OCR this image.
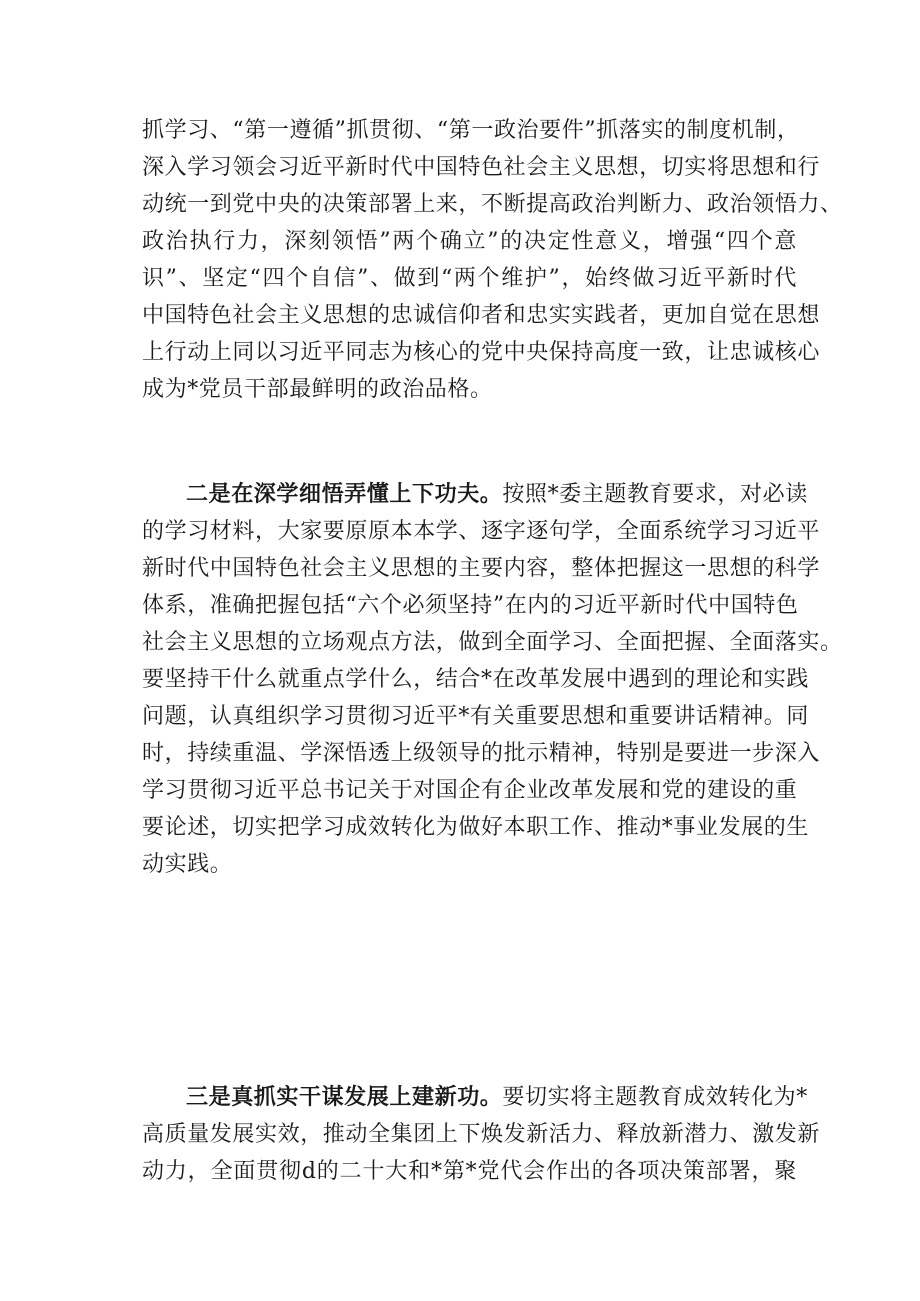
抓学习、“第一遵循”抓贯彻、“第一政治要件”抓落实的制度机制，
深入学习领会习近平新时代中国特色社会主义思想，切实将思想和行
动统一到党中央的决策部署上来，不断提高政治判断力、政治领悟力、
政治执行力，深刻领悟”两个确立”的决定性意义，增强“四个意
识”、坚定“四个自信”、做到“两个维护”，始终做习近平新时代
中国特色社会主义思想的忠诚信仰者和忠实实践者，更加自觉在思想
上行动上同以习近平同志为核心的党中央保持高度一致，让忠诚核心
成为*党员干部最鲜明的政治品格。
二是在深学细悟弄懂上下功夫。按照*委主题教育要求，对必读
的学习材料，大家要原原本本学、逐字逐句学，全面系统学习习近平
新时代中国特色社会主义思想的主要内容，整体把握这一思想的科学
体系，准确把握包括“六个必须坚持”在内的习近平新时代中国特色
社会主义思想的立场观点方法，做到全面学习、全面把握、全面落实。
要坚持干什么就重点学什么，结合*在改革发展中遇到的理论和实践
问题，认真组织学习贯彻习近平*有关重要思想和重要讲话精神。同
时，持续重温、学深悟透上级领导的批示精神，特别是要进一步深入
学习贯彻习近平总书记关于对国企有企业改革发展和党的建设的重
要论述，切实把学习成效转化为做好本职工作、推动*事业发展的生
动实践。
三是真抓实干谋发展上建新功。要切实将主题教育成效转化为*
高质量发展实效，推动全集团上下焕发新活力、释放新潜力、激发新
动力，全面贯彻d的二十大和*第*党代会作出的各项决策部署，聚
